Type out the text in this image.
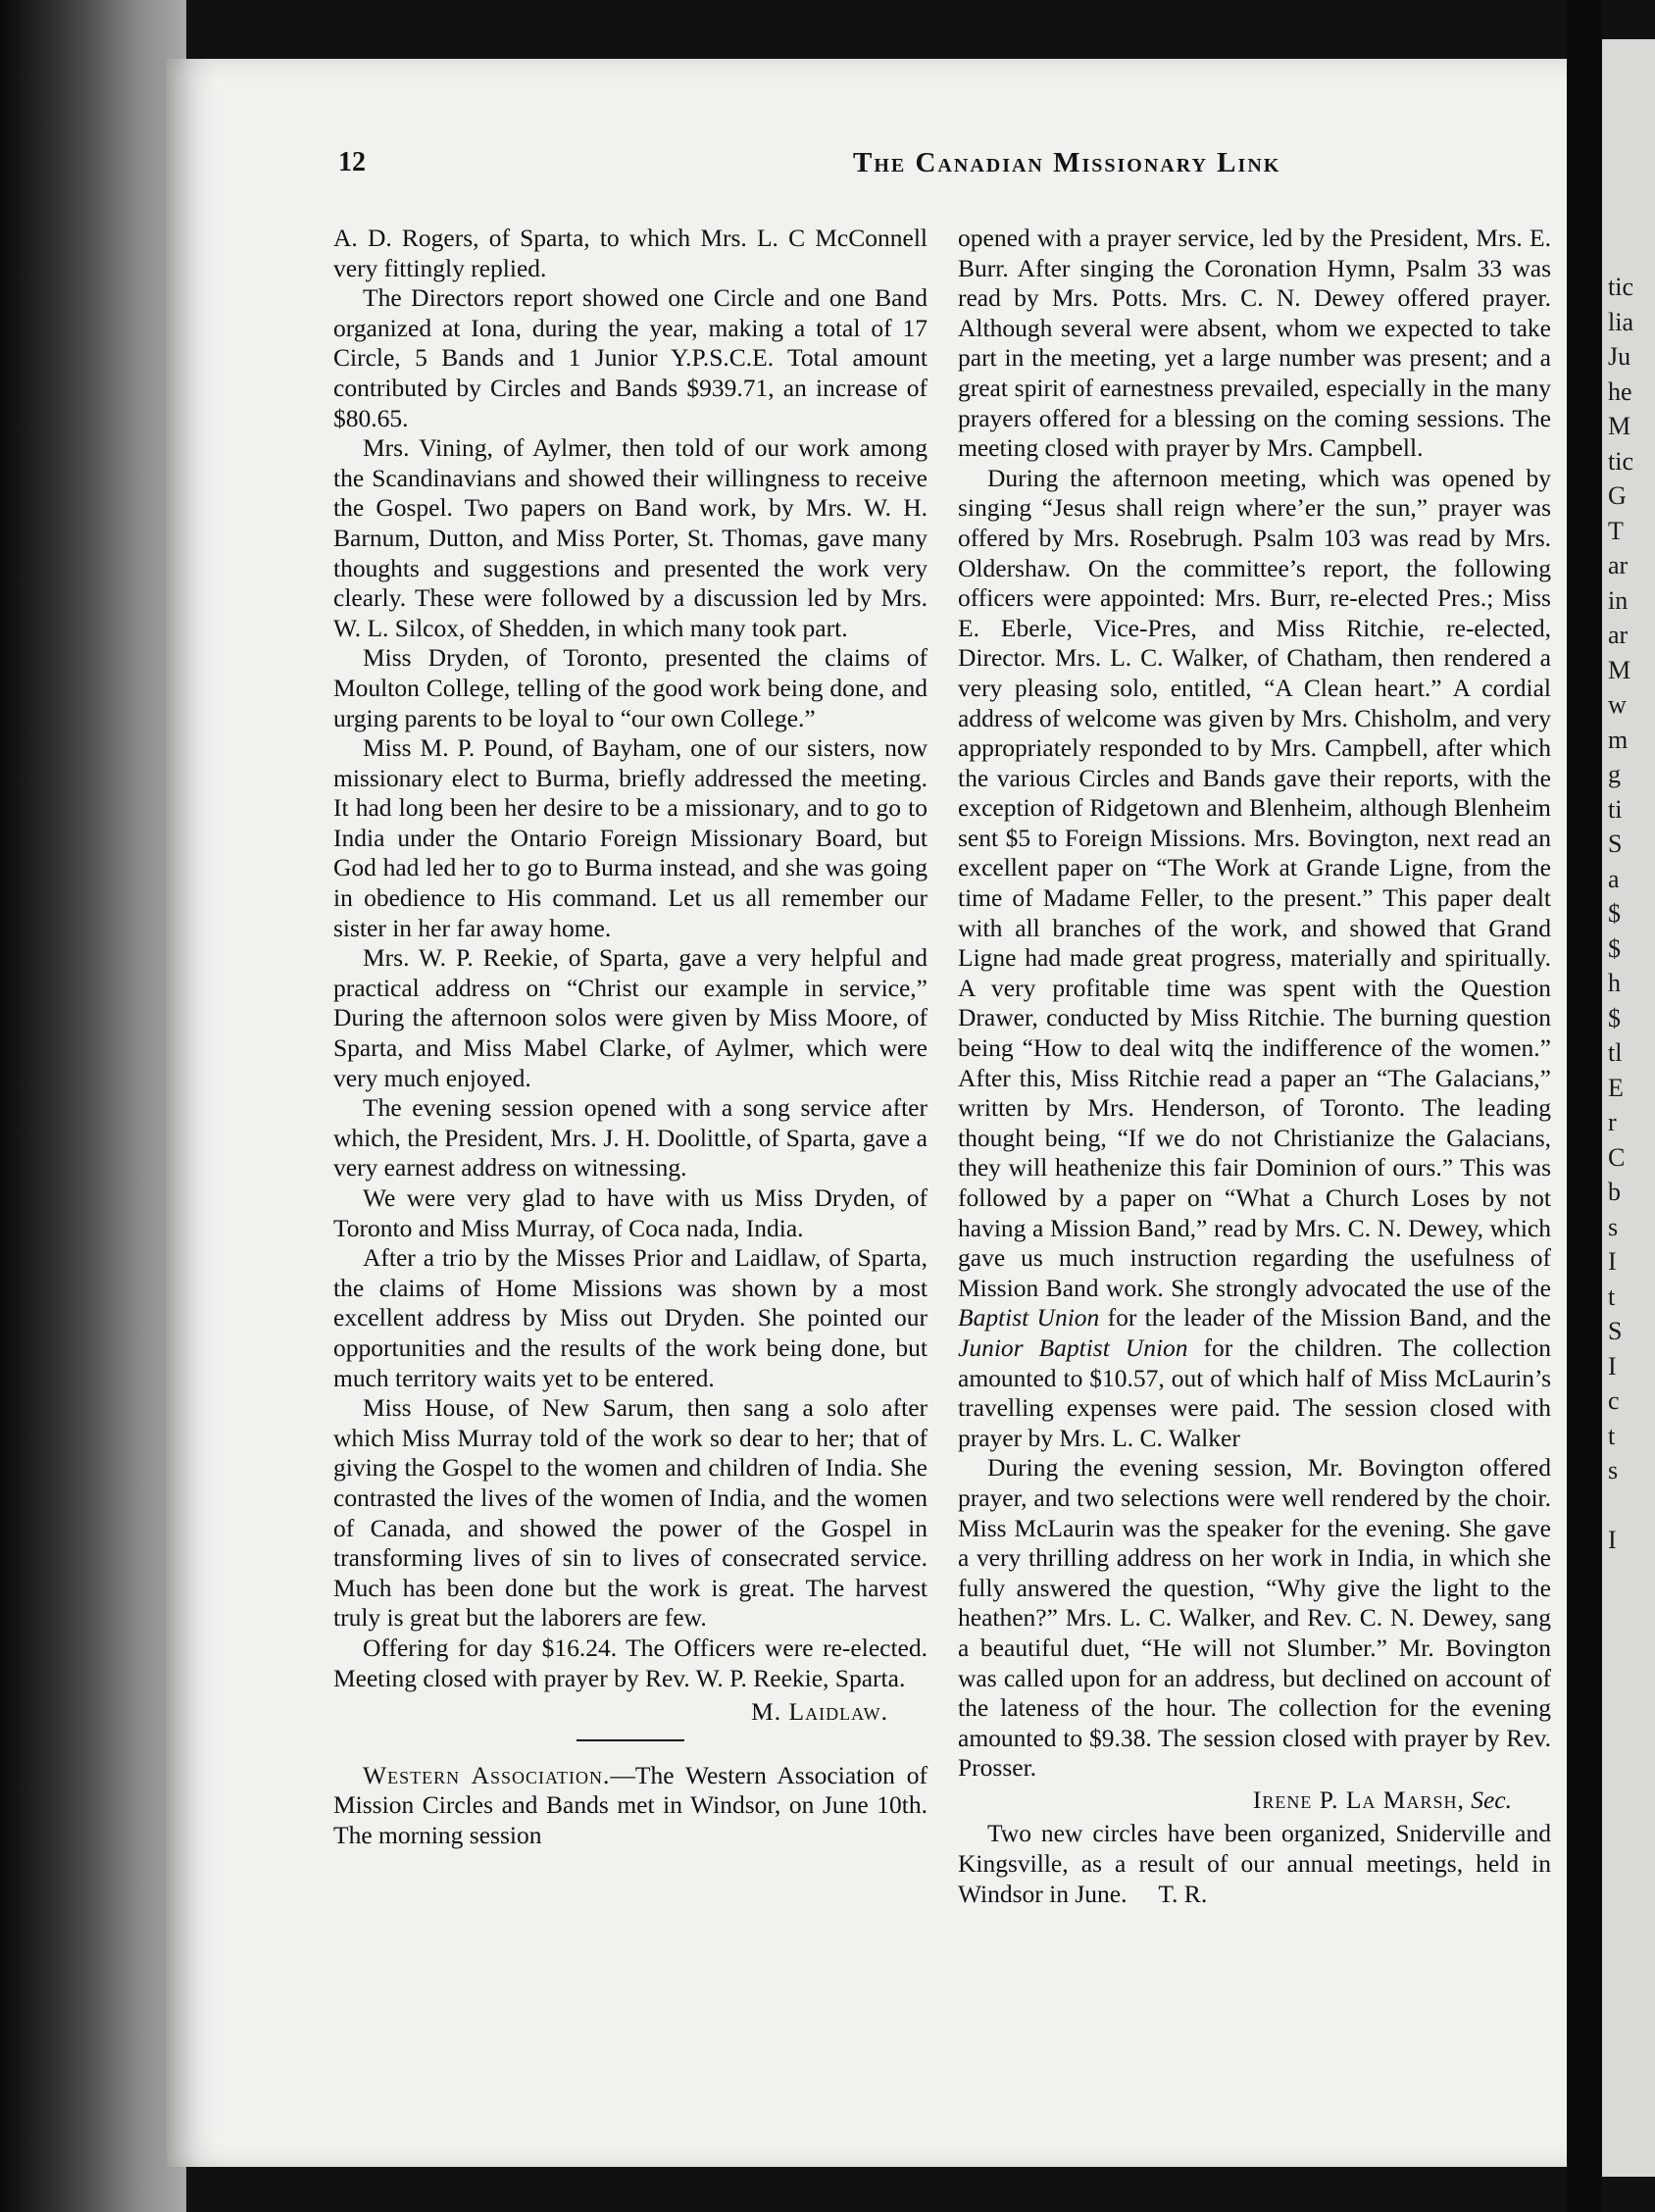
tic
lia
Ju
he
M
tic
G
T
ar
in
ar
M
w
m
g
ti
S
a
$
$
h
$
tl
E
r
C
b
s
I
t
S
I
c
t
s
I
12	The Canadian Missionary Link

A. D. Rogers, of Sparta, to which Mrs. L. C McConnell very fittingly replied.

The Directors report showed one Circle and one Band organized at Iona, during the year, making a total of 17 Circle, 5 Bands and 1 Junior Y.P.S.C.E. Total amount contributed by Circles and Bands $939.71, an increase of $80.65.

Mrs. Vining, of Aylmer, then told of our work among the Scandinavians and showed their willingness to receive the Gospel. Two papers on Band work, by Mrs. W. H. Barnum, Dutton, and Miss Porter, St. Thomas, gave many thoughts and suggestions and presented the work very clearly. These were followed by a discussion led by Mrs. W. L. Silcox, of Shedden, in which many took part.

Miss Dryden, of Toronto, presented the claims of Moulton College, telling of the good work being done, and urging parents to be loyal to “our own College.”

Miss M. P. Pound, of Bayham, one of our sisters, now missionary elect to Burma, briefly addressed the meeting. It had long been her desire to be a missionary, and to go to India under the Ontario Foreign Missionary Board, but God had led her to go to Burma instead, and she was going in obedience to His command. Let us all remember our sister in her far away home.

Mrs. W. P. Reekie, of Sparta, gave a very helpful and practical address on “Christ our example in service,” During the afternoon solos were given by Miss Moore, of Sparta, and Miss Mabel Clarke, of Aylmer, which were very much enjoyed.

The evening session opened with a song service after which, the President, Mrs. J. H. Doolittle, of Sparta, gave a very earnest address on witnessing.

We were very glad to have with us Miss Dryden, of Toronto and Miss Murray, of Coca nada, India.

After a trio by the Misses Prior and Laidlaw, of Sparta, the claims of Home Missions was shown by a most excellent address by Miss out Dryden. She pointed our opportunities and the results of the work being done, but much territory waits yet to be entered.

Miss House, of New Sarum, then sang a solo after which Miss Murray told of the work so dear to her; that of giving the Gospel to the women and children of India. She contrasted the lives of the women of India, and the women of Canada, and showed the power of the Gospel in transforming lives of sin to lives of consecrated service. Much has been done but the work is great. The harvest truly is great but the laborers are few.

Offering for day $16.24. The Officers were re-elected. Meeting closed with prayer by Rev. W. P. Reekie, Sparta.

M. Laidlaw.

Western Association.—The Western Association of Mission Circles and Bands met in Windsor, on June 10th. The morning session

opened with a prayer service, led by the President, Mrs. E. Burr. After singing the Coronation Hymn, Psalm 33 was read by Mrs. Potts. Mrs. C. N. Dewey offered prayer. Although several were absent, whom we expected to take part in the meeting, yet a large number was present; and a great spirit of earnestness prevailed, especially in the many prayers offered for a blessing on the coming sessions. The meeting closed with prayer by Mrs. Campbell.

During the afternoon meeting, which was opened by singing “Jesus shall reign where’er the sun,” prayer was offered by Mrs. Rosebrugh. Psalm 103 was read by Mrs. Oldershaw. On the committee’s report, the following officers were appointed: Mrs. Burr, re-elected Pres.; Miss E. Eberle, Vice-Pres, and Miss Ritchie, re-elected, Director. Mrs. L. C. Walker, of Chatham, then rendered a very pleasing solo, entitled, “A Clean heart.” A cordial address of welcome was given by Mrs. Chisholm, and very appropriately responded to by Mrs. Campbell, after which the various Circles and Bands gave their reports, with the exception of Ridgetown and Blenheim, although Blenheim sent $5 to Foreign Missions. Mrs. Bovington, next read an excellent paper on “The Work at Grande Ligne, from the time of Madame Feller, to the present.” This paper dealt with all branches of the work, and showed that Grand Ligne had made great progress, materially and spiritually. A very profitable time was spent with the Question Drawer, conducted by Miss Ritchie. The burning question being “How to deal witq the indifference of the women.” After this, Miss Ritchie read a paper an “The Galacians,” written by Mrs. Henderson, of Toronto. The leading thought being, “If we do not Christianize the Galacians, they will heathenize this fair Dominion of ours.” This was followed by a paper on “What a Church Loses by not having a Mission Band,” read by Mrs. C. N. Dewey, which gave us much instruction regarding the usefulness of Mission Band work. She strongly advocated the use of the Baptist Union for the leader of the Mission Band, and the Junior Baptist Union for the children. The collection amounted to $10.57, out of which half of Miss McLaurin’s travelling expenses were paid. The session closed with prayer by Mrs. L. C. Walker

During the evening session, Mr. Bovington offered prayer, and two selections were well rendered by the choir. Miss McLaurin was the speaker for the evening. She gave a very thrilling address on her work in India, in which she fully answered the question, “Why give the light to the heathen?” Mrs. L. C. Walker, and Rev. C. N. Dewey, sang a beautiful duet, “He will not Slumber.” Mr. Bovington was called upon for an address, but declined on account of the lateness of the hour. The collection for the evening amounted to $9.38. The session closed with prayer by Rev. Prosser.

Irene P. La Marsh, Sec.

Two new circles have been organized, Sniderville and Kingsville, as a result of our annual meetings, held in Windsor in June. T. R.
